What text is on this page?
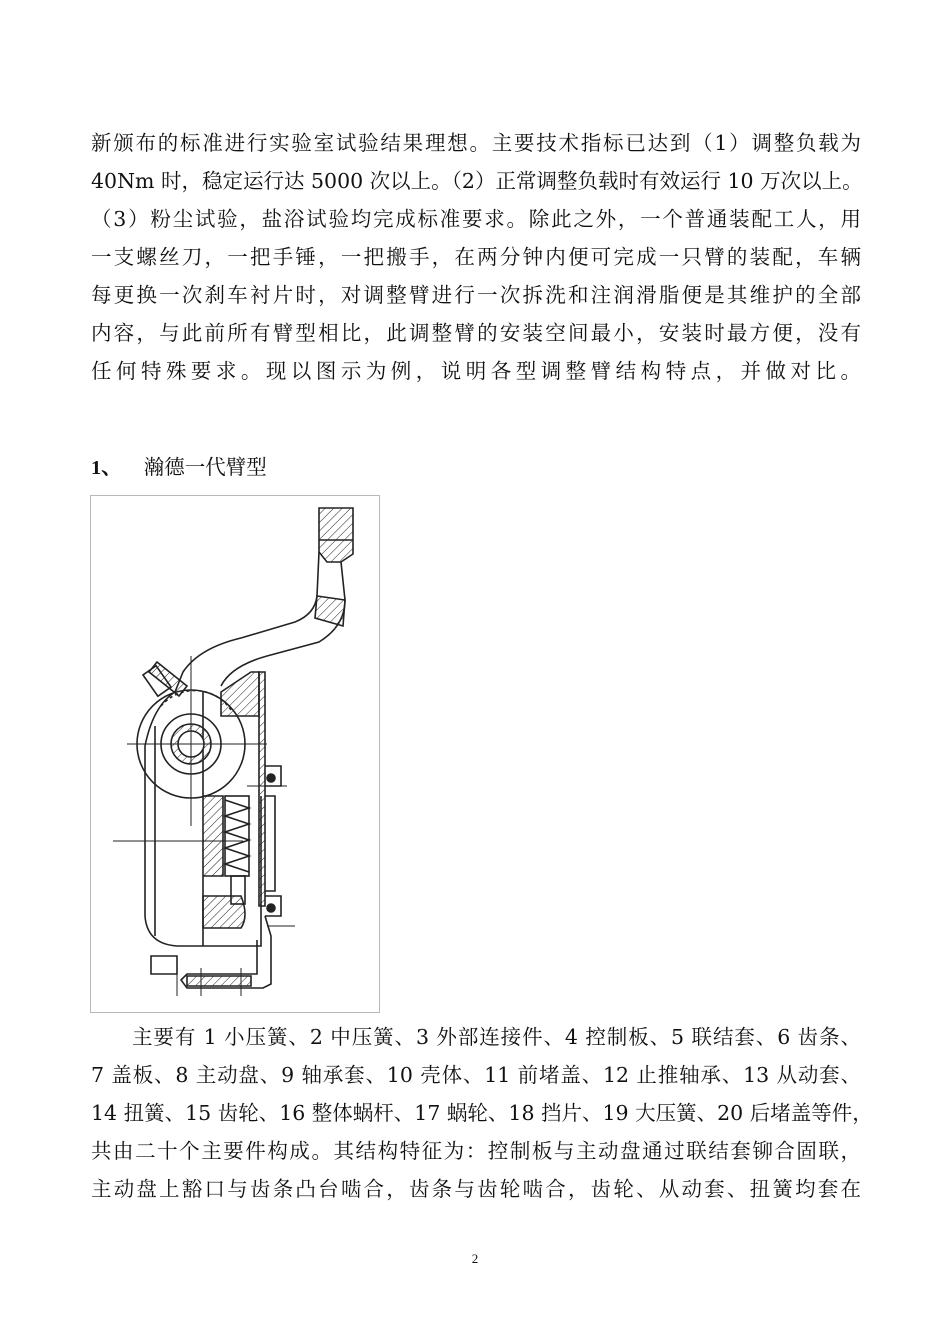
新颁布的标准进行实验室试验结果理想。主要技术指标已达到（1）调整负载为
40Nm 时，稳定运行达 5000 次以上。（2）正常调整负载时有效运行 10 万次以上。
（3）粉尘试验，盐浴试验均完成标准要求。除此之外，一个普通装配工人，用
一支螺丝刀，一把手锤，一把搬手，在两分钟内便可完成一只臂的装配，车辆
每更换一次刹车衬片时，对调整臂进行一次拆洗和注润滑脂便是其维护的全部
内容，与此前所有臂型相比，此调整臂的安装空间最小，安装时最方便，没有
任何特殊要求。现以图示为例，说明各型调整臂结构特点，并做对比。
1、 瀚德一代臂型
主要有 1 小压簧、2 中压簧、3 外部连接件、4 控制板、5 联结套、6 齿条、
7 盖板、8 主动盘、9 轴承套、10 壳体、11 前堵盖、12 止推轴承、13 从动套、
14 扭簧、15 齿轮、16 整体蜗杆、17 蜗轮、18 挡片、19 大压簧、20 后堵盖等件，
共由二十个主要件构成。其结构特征为：控制板与主动盘通过联结套铆合固联，
主动盘上豁口与齿条凸台啮合，齿条与齿轮啮合，齿轮、从动套、扭簧均套在
2
